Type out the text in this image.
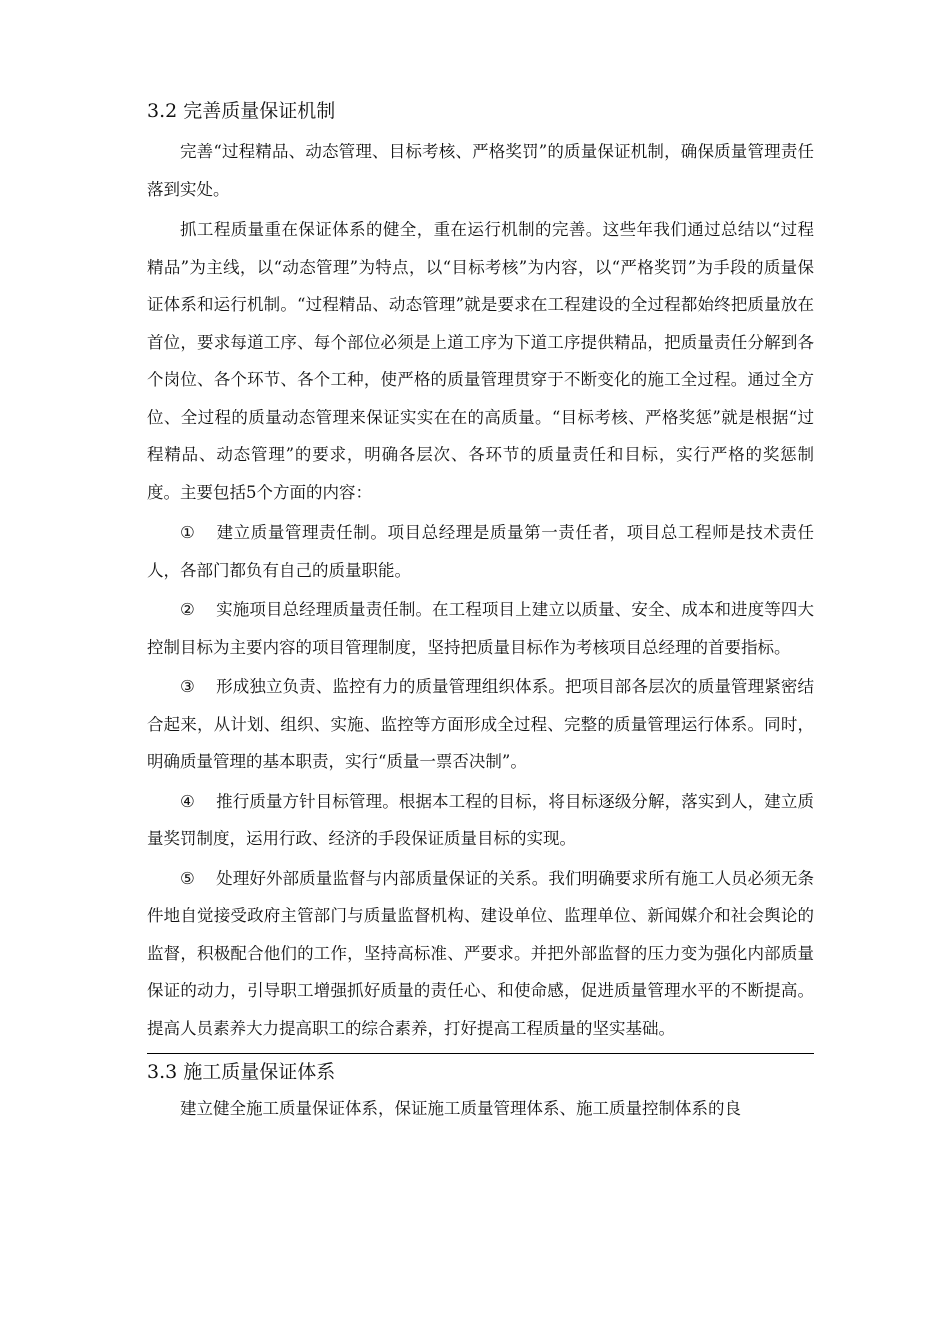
3.2 完善质量保证机制

完善“过程精品、动态管理、目标考核、严格奖罚”的质量保证机制，确保质量管理责任落到实处。

抓工程质量重在保证体系的健全，重在运行机制的完善。这些年我们通过总结以“过程精品”为主线，以“动态管理”为特点，以“目标考核”为内容，以“严格奖罚”为手段的质量保证体系和运行机制。“过程精品、动态管理”就是要求在工程建设的全过程都始终把质量放在首位，要求每道工序、每个部位必须是上道工序为下道工序提供精品，把质量责任分解到各个岗位、各个环节、各个工种，使严格的质量管理贯穿于不断变化的施工全过程。通过全方位、全过程的质量动态管理来保证实实在在的高质量。“目标考核、严格奖惩”就是根据“过程精品、动态管理”的要求，明确各层次、各环节的质量责任和目标，实行严格的奖惩制度。主要包括5个方面的内容：

① 建立质量管理责任制。项目总经理是质量第一责任者，项目总工程师是技术责任人，各部门都负有自己的质量职能。

② 实施项目总经理质量责任制。在工程项目上建立以质量、安全、成本和进度等四大控制目标为主要内容的项目管理制度，坚持把质量目标作为考核项目总经理的首要指标。

③ 形成独立负责、监控有力的质量管理组织体系。把项目部各层次的质量管理紧密结合起来，从计划、组织、实施、监控等方面形成全过程、完整的质量管理运行体系。同时，明确质量管理的基本职责，实行“质量一票否决制”。

④ 推行质量方针目标管理。根据本工程的目标，将目标逐级分解，落实到人，建立质量奖罚制度，运用行政、经济的手段保证质量目标的实现。

⑤ 处理好外部质量监督与内部质量保证的关系。我们明确要求所有施工人员必须无条件地自觉接受政府主管部门与质量监督机构、建设单位、监理单位、新闻媒介和社会舆论的监督，积极配合他们的工作，坚持高标准、严要求。并把外部监督的压力变为强化内部质量保证的动力，引导职工增强抓好质量的责任心、和使命感，促进质量管理水平的不断提高。提高人员素养大力提高职工的综合素养，打好提高工程质量的坚实基础。

3.3 施工质量保证体系

建立健全施工质量保证体系，保证施工质量管理体系、施工质量控制体系的良
